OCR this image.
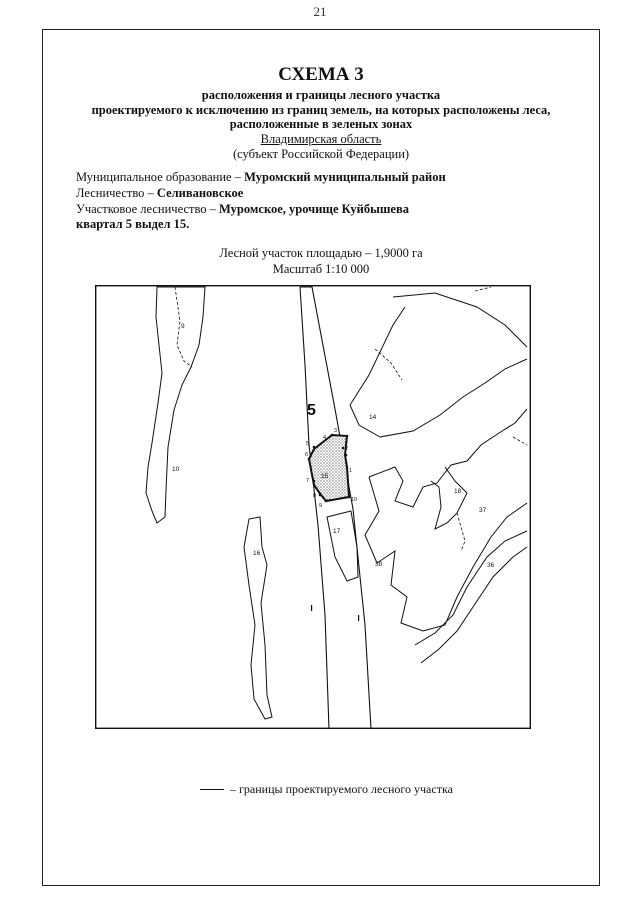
21
СХЕМА 3
расположения и границы лесного участка
проектируемого к исключению из границ земель, на которых расположены леса,
расположенные в зеленых зонах
Владимирская область
(субъект Российской Федерации)
Муниципальное образование – Муромский муниципальный район
Лесничество – Селивановское
Участковое лесничество – Муромское, урочище Куйбышева
квартал 5 выдел 15.
Лесной участок площадью – 1,9000 га
Масштаб 1:10 000
1
2
3
4
5
6
7
8
9
10
5
9
10
14
15
16
17
18
36
37
38
– границы проектируемого лесного участка
